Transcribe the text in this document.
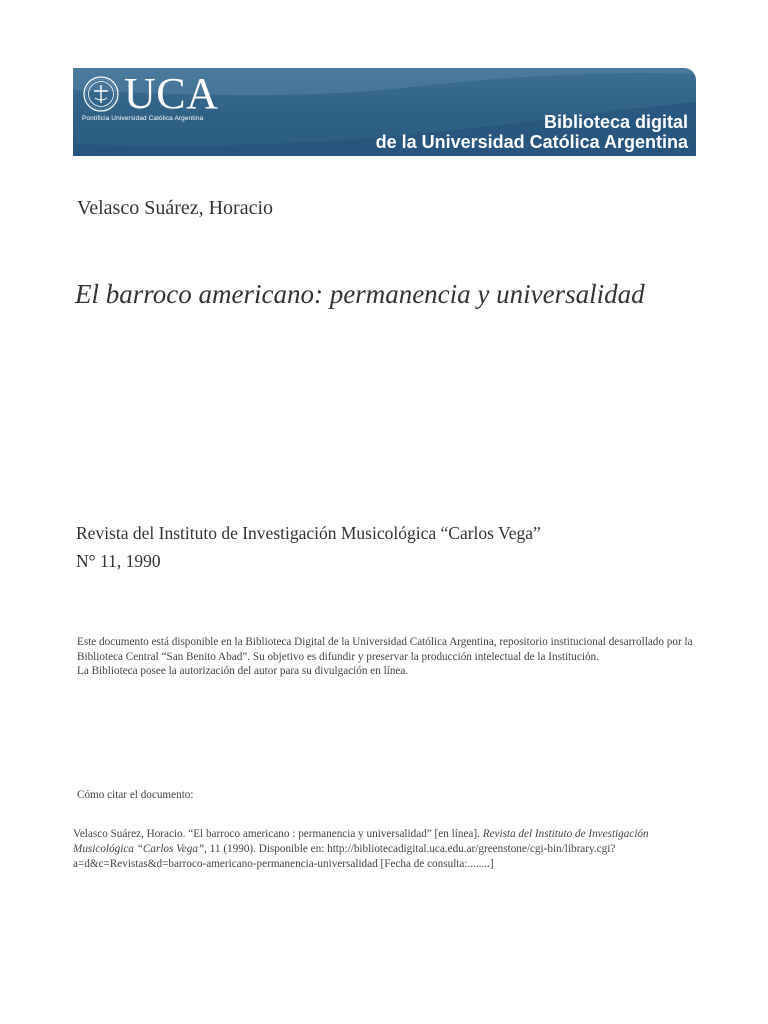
UCA
Pontificia Universidad Católica Argentina	Biblioteca digital
de la Universidad Católica Argentina
Velasco Suárez, Horacio
El barroco americano: permanencia y universalidad
Revista del Instituto de Investigación Musicológica “Carlos Vega”
N° 11, 1990

Este documento está disponible en la Biblioteca Digital de la Universidad Católica Argentina, repositorio institucional desarrollado por la Biblioteca Central “San Benito Abad”. Su objetivo es difundir y preservar la producción intelectual de la Institución.

La Biblioteca posee la autorización del autor para su divulgación en línea.

Cómo citar el documento:
Velasco Suárez, Horacio. “El barroco americano : permanencia y universalidad” [en línea]. Revista del Instituto de Investigación Musicológica “Carlos Vega”, 11 (1990). Disponible en: http://bibliotecadigital.uca.edu.ar/greenstone/cgi-bin/library.cgi?a=d&c=Revistas&d=barroco-americano-permanencia-universalidad [Fecha de consulta:........]
